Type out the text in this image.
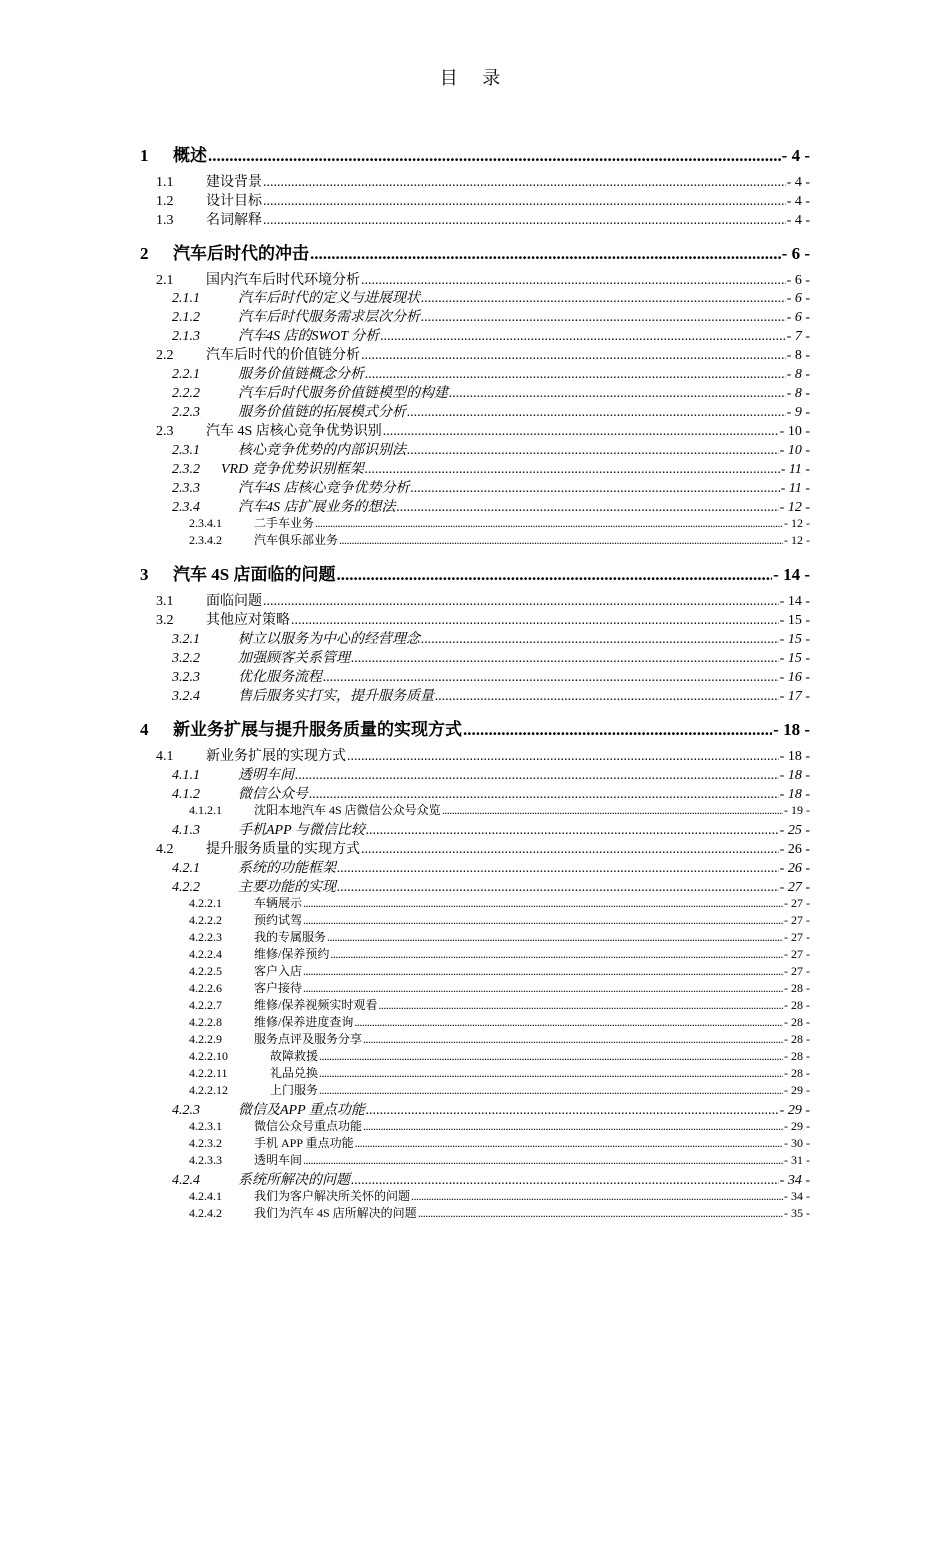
目 录
1	概述 .....	- 4 -
1.1	建设背景 .....	- 4 -
1.2	设计目标 .....	- 4 -
1.3	名词解释 .....	- 4 -
2	汽车后时代的冲击 .....	- 6 -
2.1	国内汽车后时代环境分析 .....	- 6 -
2.1.1	汽车后时代的定义与进展现状 .....	- 6 -
2.1.2	汽车后时代服务需求层次分析 .....	- 6 -
2.1.3	汽车4S 店的SWOT 分析 .....	- 7 -
2.2	汽车后时代的价值链分析 .....	- 8 -
2.2.1	服务价值链概念分析 .....	- 8 -
2.2.2	汽车后时代服务价值链模型的构建 .....	- 8 -
2.2.3	服务价值链的拓展模式分析 .....	- 9 -
2.3	汽车 4S 店核心竞争优势识别 .....	- 10 -
2.3.1	核心竞争优势的内部识别法 .....	- 10 -
2.3.2	VRD 竞争优势识别框架 .....	- 11 -
2.3.3	汽车4S 店核心竞争优势分析 .....	- 11 -
2.3.4	汽车4S 店扩展业务的想法 .....	- 12 -
2.3.4.1	二手车业务 .....	- 12 -
2.3.4.2	汽车俱乐部业务 .....	- 12 -
3	汽车 4S 店面临的问题 .....	- 14 -
3.1	面临问题 .....	- 14 -
3.2	其他应对策略 .....	- 15 -
3.2.1	树立以服务为中心的经营理念 .....	- 15 -
3.2.2	加强顾客关系管理 .....	- 15 -
3.2.3	优化服务流程 .....	- 16 -
3.2.4	售后服务实打实，提升服务质量 .....	- 17 -
4	新业务扩展与提升服务质量的实现方式 .....	- 18 -
4.1	新业务扩展的实现方式 .....	- 18 -
4.1.1	透明车间 .....	- 18 -
4.1.2	微信公众号 .....	- 18 -
4.1.2.1	沈阳本地汽车 4S 店微信公众号众览 .....	- 19 -
4.1.3	手机APP 与微信比较 .....	- 25 -
4.2	提升服务质量的实现方式 .....	- 26 -
4.2.1	系统的功能框架 .....	- 26 -
4.2.2	主要功能的实现 .....	- 27 -
4.2.2.1	车辆展示 .....	- 27 -
4.2.2.2	预约试驾 .....	- 27 -
4.2.2.3	我的专属服务 .....	- 27 -
4.2.2.4	维修/保养预约 .....	- 27 -
4.2.2.5	客户入店 .....	- 27 -
4.2.2.6	客户接待 .....	- 28 -
4.2.2.7	维修/保养视频实时观看 .....	- 28 -
4.2.2.8	维修/保养进度查询 .....	- 28 -
4.2.2.9	服务点评及服务分享 .....	- 28 -
4.2.2.10	故障救援 .....	- 28 -
4.2.2.11	礼品兑换 .....	- 28 -
4.2.2.12	上门服务 .....	- 29 -
4.2.3	微信及APP 重点功能 .....	- 29 -
4.2.3.1	微信公众号重点功能 .....	- 29 -
4.2.3.2	手机 APP 重点功能 .....	- 30 -
4.2.3.3	透明车间 .....	- 31 -
4.2.4	系统所解决的问题 .....	- 34 -
4.2.4.1	我们为客户解决所关怀的问题 .....	- 34 -
4.2.4.2	我们为汽车 4S 店所解决的问题 .....	- 35 -
